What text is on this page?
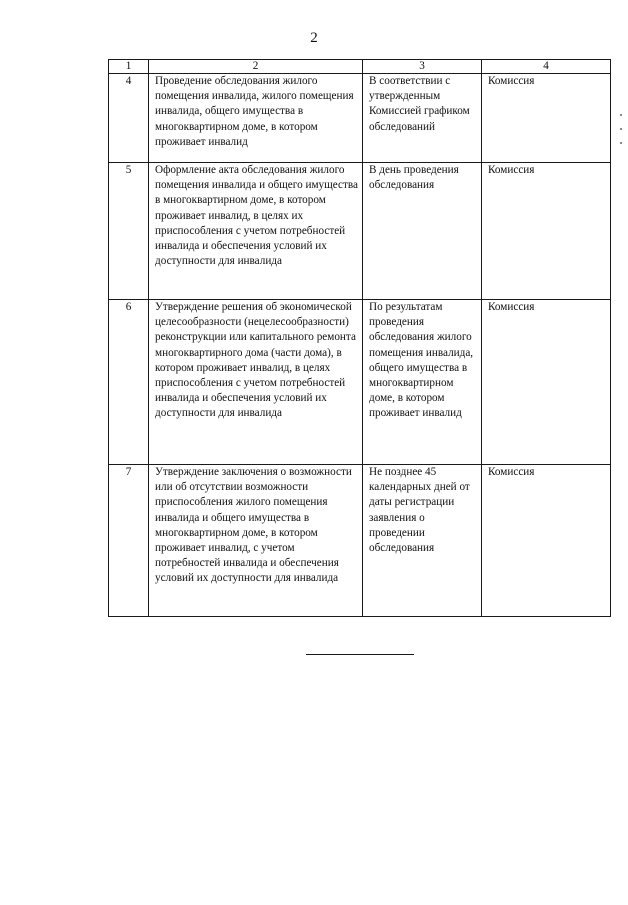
2
1	2	3	4
4	Проведение обследования жилого помещения инвалида, жилого помещения инвалида, общего имущества в многоквартирном доме, в котором проживает инвалид	В соответствии с утвержденным Комиссией графиком обследований	Комиссия
5	Оформление акта обследования жилого помещения инвалида и общего имущества в многоквартирном доме, в котором проживает инвалид, в целях их приспособления с учетом потребностей инвалида и обеспечения условий их доступности для инвалида	В день проведения обследования	Комиссия
6	Утверждение решения об экономической целесообразности (нецелесообразности) реконструкции или капитального ремонта многоквартирного дома (части дома), в котором проживает инвалид, в целях приспособления с учетом потребностей инвалида и обеспечения условий их доступности для инвалида	По результатам проведения обследования жилого помещения инвалида, общего имущества в многоквартирном доме, в котором проживает инвалид	Комиссия
7	Утверждение заключения о возможности или об отсутствии возможности приспособления жилого помещения инвалида и общего имущества в многоквартирном доме, в котором проживает инвалид, с учетом потребностей инвалида и обеспечения условий их доступности для инвалида	Не позднее 45 календарных дней от даты регистрации заявления о проведении обследования	Комиссия
